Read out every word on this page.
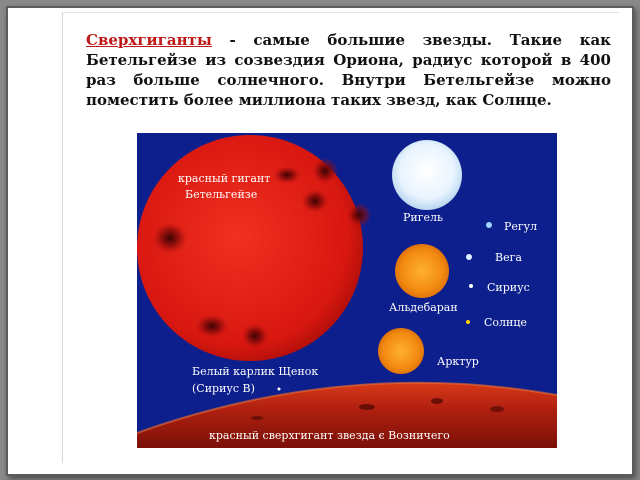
Сверхгиганты - самые большие звезды. Такие как Бетельгейзе из созвездия Ориона, радиус которой в 400 раз больше солнечного. Внутри Бетельгейзе можно поместить более миллиона таких звезд, как Солнце.
красный гигант
Бетельгейзе
Ригель
Регул
Вега
Сириус
Альдебаран
Солнце
Арктур
Белый карлик Щенок
(Сириус В)
красный сверхгигант звезда є Возничего
